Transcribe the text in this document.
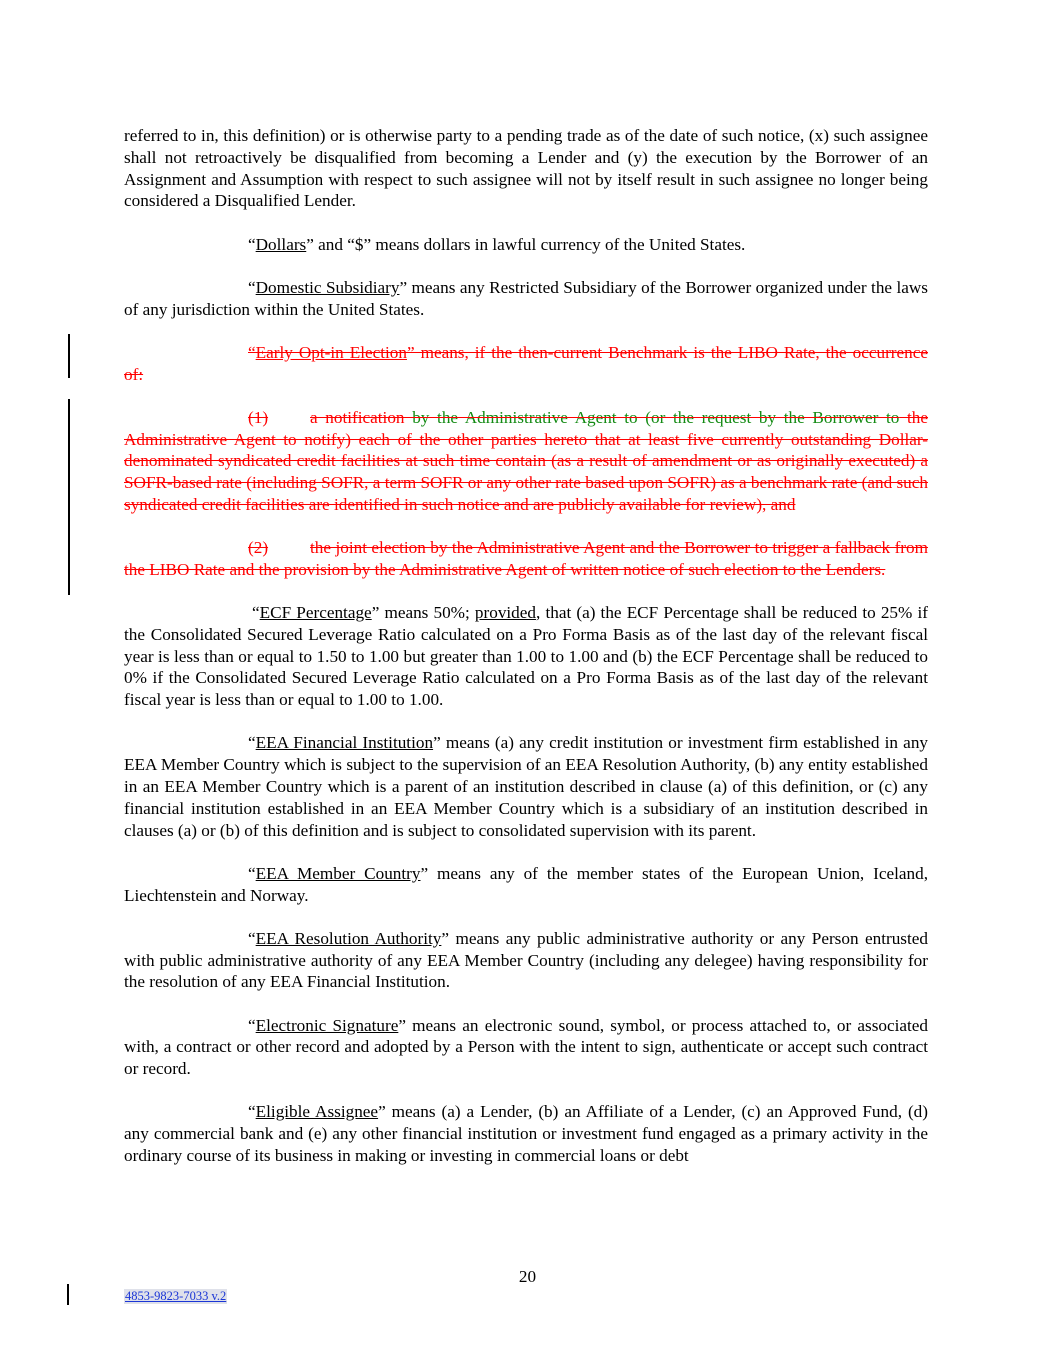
referred to in, this definition) or is otherwise party to a pending trade as of the date of such notice, (x) such assignee shall not retroactively be disqualified from becoming a Lender and (y) the execution by the Borrower of an Assignment and Assumption with respect to such assignee will not by itself result in such assignee no longer being considered a Disqualified Lender.

“Dollars” and “$” means dollars in lawful currency of the United States.

“Domestic Subsidiary” means any Restricted Subsidiary of the Borrower organized under the laws of any jurisdiction within the United States.

“Early Opt-in Election” means, if the then-current Benchmark is the LIBO Rate, the occurrence of:

(1) a notification by the Administrative Agent to (or the request by the Borrower to the Administrative Agent to notify) each of the other parties hereto that at least five currently outstanding Dollar-denominated syndicated credit facilities at such time contain (as a result of amendment or as originally executed) a SOFR-based rate (including SOFR, a term SOFR or any other rate based upon SOFR) as a benchmark rate (and such syndicated credit facilities are identified in such notice and are publicly available for review), and

(2) the joint election by the Administrative Agent and the Borrower to trigger a fallback from the LIBO Rate and the provision by the Administrative Agent of written notice of such election to the Lenders.

“ECF Percentage” means 50%; provided, that (a) the ECF Percentage shall be reduced to 25% if the Consolidated Secured Leverage Ratio calculated on a Pro Forma Basis as of the last day of the relevant fiscal year is less than or equal to 1.50 to 1.00 but greater than 1.00 to 1.00 and (b) the ECF Percentage shall be reduced to 0% if the Consolidated Secured Leverage Ratio calculated on a Pro Forma Basis as of the last day of the relevant fiscal year is less than or equal to 1.00 to 1.00.

“EEA Financial Institution” means (a) any credit institution or investment firm established in any EEA Member Country which is subject to the supervision of an EEA Resolution Authority, (b) any entity established in an EEA Member Country which is a parent of an institution described in clause (a) of this definition, or (c) any financial institution established in an EEA Member Country which is a subsidiary of an institution described in clauses (a) or (b) of this definition and is subject to consolidated supervision with its parent.

“EEA Member Country” means any of the member states of the European Union, Iceland, Liechtenstein and Norway.

“EEA Resolution Authority” means any public administrative authority or any Person entrusted with public administrative authority of any EEA Member Country (including any delegee) having responsibility for the resolution of any EEA Financial Institution.

“Electronic Signature” means an electronic sound, symbol, or process attached to, or associated with, a contract or other record and adopted by a Person with the intent to sign, authenticate or accept such contract or record.

“Eligible Assignee” means (a) a Lender, (b) an Affiliate of a Lender, (c) an Approved Fund, (d) any commercial bank and (e) any other financial institution or investment fund engaged as a primary activity in the ordinary course of its business in making or investing in commercial loans or debt

20
4853-9823-7033 v.2
